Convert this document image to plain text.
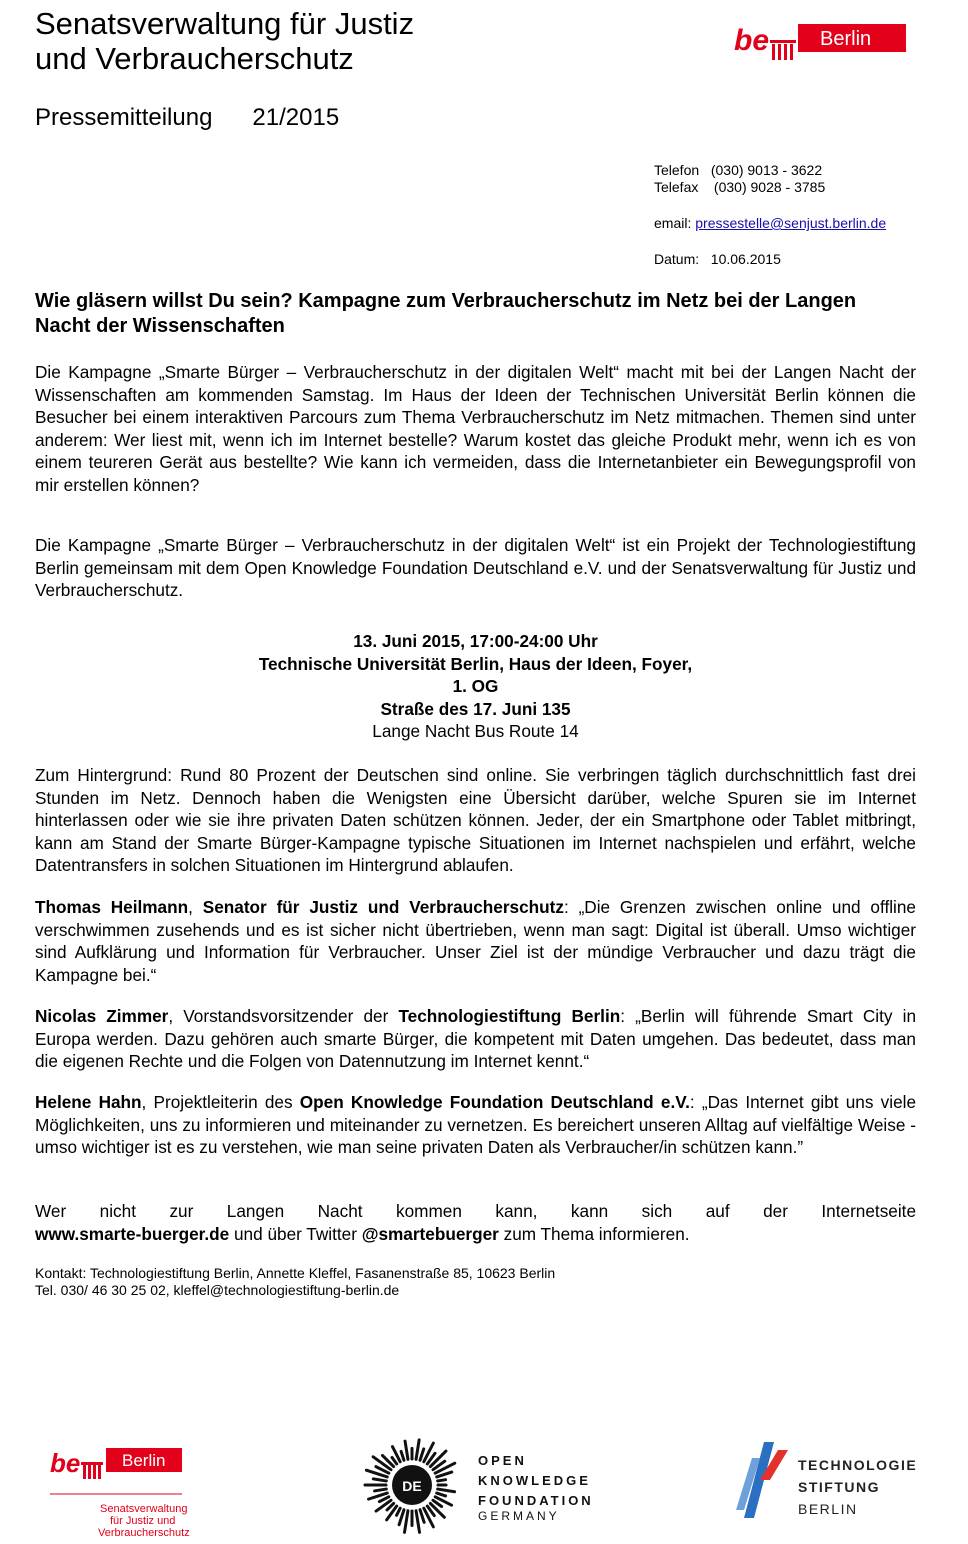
Senatsverwaltung für Justiz
und Verbraucherschutz
Pressemitteilung 21/2015
be	Berlin
Telefon (030) 9013 - 3622
Telefax (030) 9028 - 3785
email: pressestelle@senjust.berlin.de
Datum: 10.06.2015
Wie gläsern willst Du sein? Kampagne zum Verbraucherschutz im Netz bei der Langen Nacht der Wissenschaften

Die Kampagne „Smarte Bürger – Verbraucherschutz in der digitalen Welt“ macht mit bei der Langen Nacht der Wissenschaften am kommenden Samstag. Im Haus der Ideen der Technischen Universität Berlin können die Besucher bei einem interaktiven Parcours zum Thema Verbraucherschutz im Netz mitmachen. Themen sind unter anderem: Wer liest mit, wenn ich im Internet bestelle? Warum kostet das gleiche Produkt mehr, wenn ich es von einem teureren Gerät aus bestellte? Wie kann ich vermeiden, dass die Internetanbieter ein Bewegungsprofil von mir erstellen können?

Die Kampagne „Smarte Bürger – Verbraucherschutz in der digitalen Welt“ ist ein Projekt der Technologiestiftung Berlin gemeinsam mit dem Open Knowledge Foundation Deutschland e.V. und der Senatsverwaltung für Justiz und Verbraucherschutz.

13. Juni 2015, 17:00-24:00 Uhr
Technische Universität Berlin, Haus der Ideen, Foyer,
1. OG
Straße des 17. Juni 135
Lange Nacht Bus Route 14

Zum Hintergrund: Rund 80 Prozent der Deutschen sind online. Sie verbringen täglich durchschnittlich fast drei Stunden im Netz. Dennoch haben die Wenigsten eine Übersicht darüber, welche Spuren sie im Internet hinterlassen oder wie sie ihre privaten Daten schützen können. Jeder, der ein Smartphone oder Tablet mitbringt, kann am Stand der Smarte Bürger-Kampagne typische Situationen im Internet nachspielen und erfährt, welche Datentransfers in solchen Situationen im Hintergrund ablaufen.

Thomas Heilmann, Senator für Justiz und Verbraucherschutz: „Die Grenzen zwischen online und offline verschwimmen zusehends und es ist sicher nicht übertrieben, wenn man sagt: Digital ist überall. Umso wichtiger sind Aufklärung und Information für Verbraucher. Unser Ziel ist der mündige Verbraucher und dazu trägt die Kampagne bei.“

Nicolas Zimmer, Vorstandsvorsitzender der Technologiestiftung Berlin: „Berlin will führende Smart City in Europa werden. Dazu gehören auch smarte Bürger, die kompetent mit Daten umgehen. Das bedeutet, dass man die eigenen Rechte und die Folgen von Datennutzung im Internet kennt.“

Helene Hahn, Projektleiterin des Open Knowledge Foundation Deutschland e.V.: „Das Internet gibt uns viele Möglichkeiten, uns zu informieren und miteinander zu vernetzen. Es bereichert unseren Alltag auf vielfältige Weise - umso wichtiger ist es zu verstehen, wie man seine privaten Daten als Verbraucher/in schützen kann.”

Wer nicht zur Langen Nacht kommen kann, kann sich auf der Internetseite
www.smarte-buerger.de und über Twitter @smartebuerger zum Thema informieren.

Kontakt: Technologiestiftung Berlin, Annette Kleffel, Fasanenstraße 85, 10623 Berlin
Tel. 030/ 46 30 25 02, kleffel@technologiestiftung-berlin.de
be Berlin
Senatsverwaltung
für Justiz und
Verbraucherschutz
DE
OPEN
KNOWLEDGE
FOUNDATION
GERMANY
TECHNOLOGIE
STIFTUNG
BERLIN
